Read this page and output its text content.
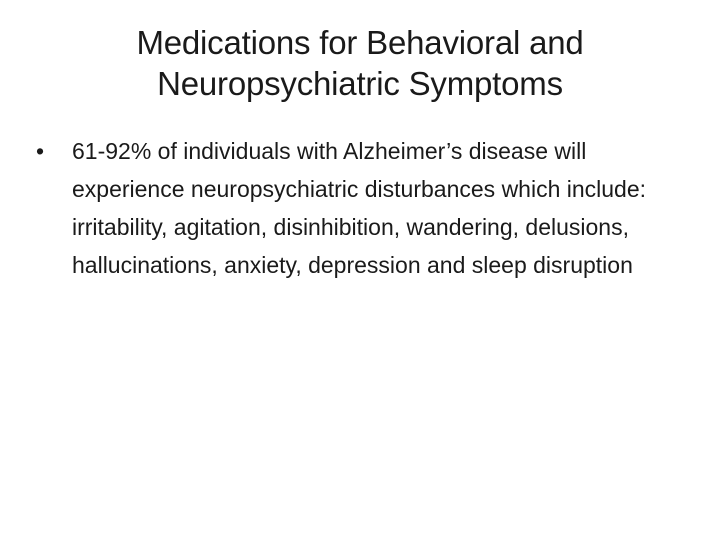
Medications for Behavioral and Neuropsychiatric Symptoms
• 61-92% of individuals with Alzheimer’s disease will experience neuropsychiatric disturbances which include: irritability, agitation, disinhibition, wandering, delusions, hallucinations, anxiety, depression and sleep disruption
